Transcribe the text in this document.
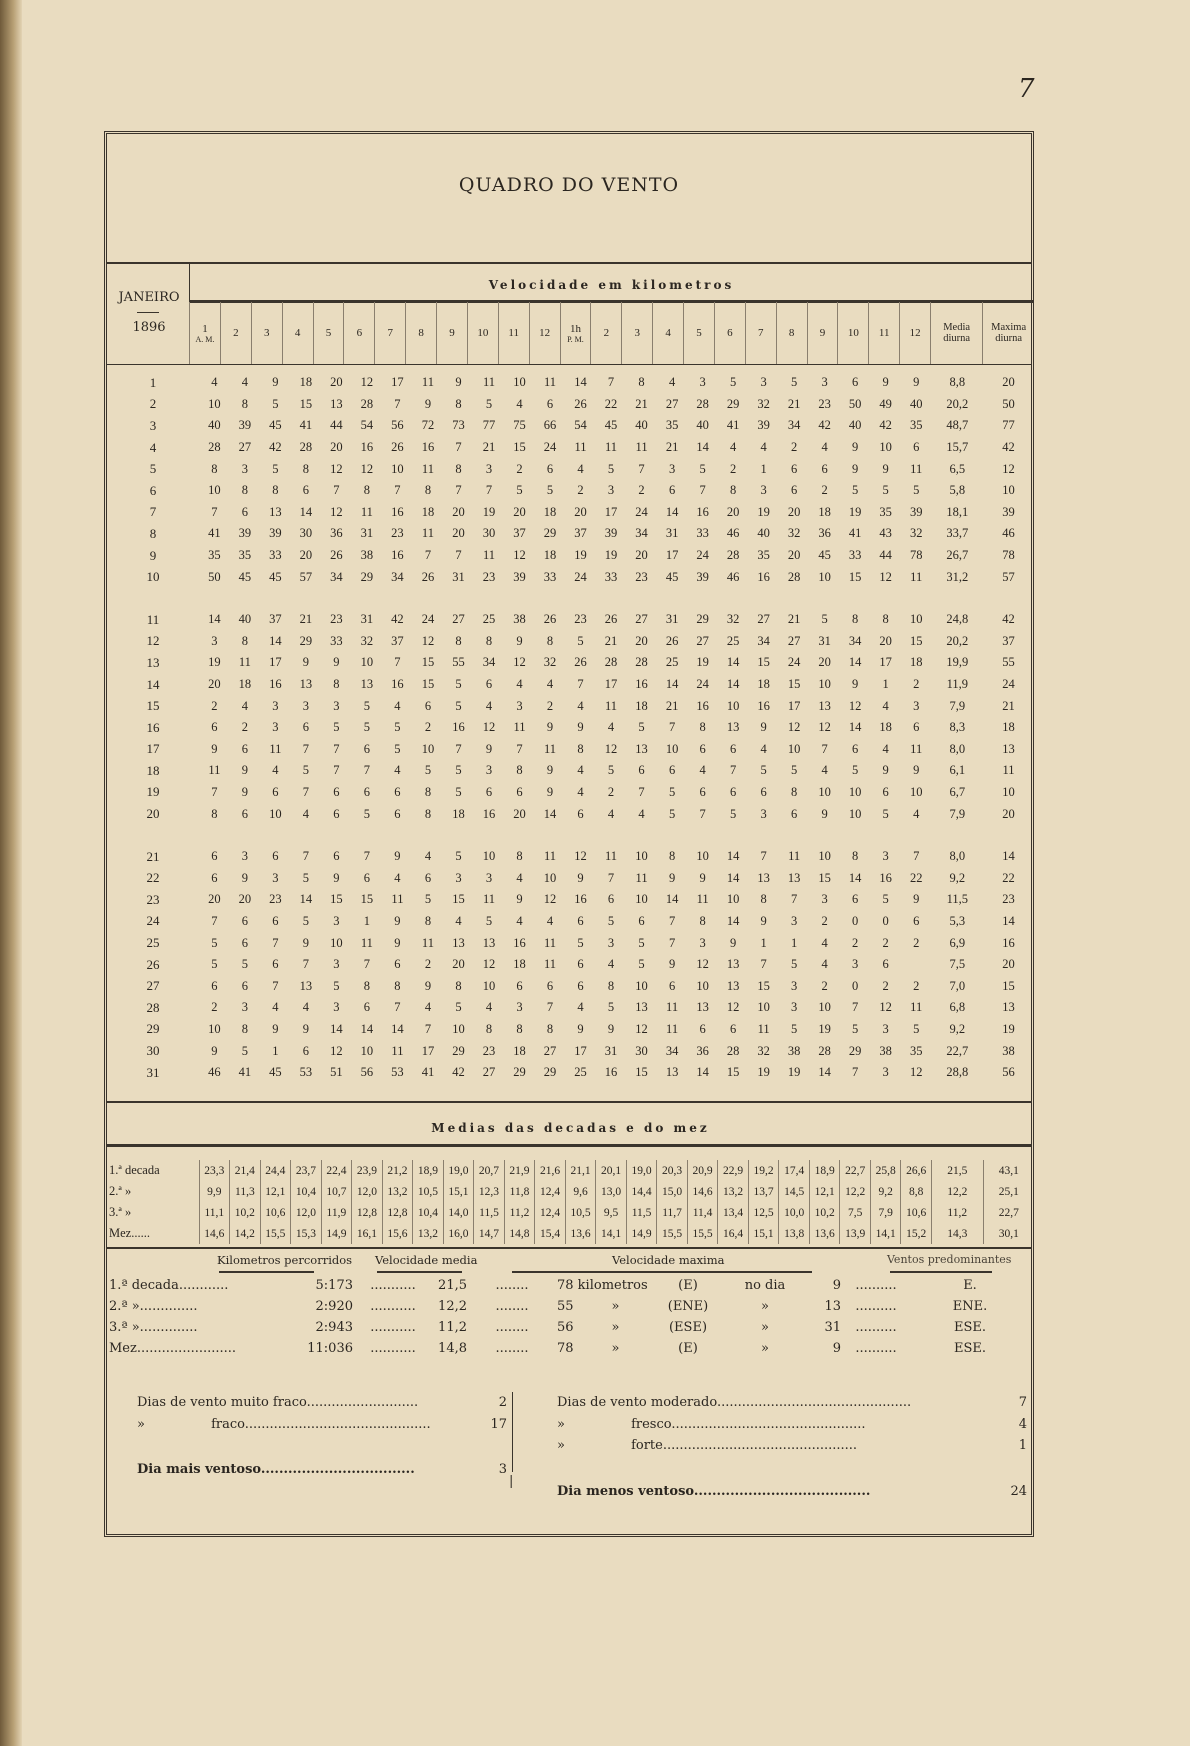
7
QUADRO DO VENTO
JANEIRO
1896
Velocidade em kilometros
1
A. M.	2	3	4	5	6	7	8	9	10	11	12	1h
P. M.	2	3	4	5	6	7	8	9	10	11	12	Media diurna	Maxima diurna
1	4	4	9	18	20	12	17	11	9	11	10	11	14	7	8	4	3	5	3	5	3	6	9	9	8,8	20
2	10	8	5	15	13	28	7	9	8	5	4	6	26	22	21	27	28	29	32	21	23	50	49	40	20,2	50
3	40	39	45	41	44	54	56	72	73	77	75	66	54	45	40	35	40	41	39	34	42	40	42	35	48,7	77
4	28	27	42	28	20	16	26	16	7	21	15	24	11	11	11	21	14	4	4	2	4	9	10	6	15,7	42
5	8	3	5	8	12	12	10	11	8	3	2	6	4	5	7	3	5	2	1	6	6	9	9	11	6,5	12
6	10	8	8	6	7	8	7	8	7	7	5	5	2	3	2	6	7	8	3	6	2	5	5	5	5,8	10
7	7	6	13	14	12	11	16	18	20	19	20	18	20	17	24	14	16	20	19	20	18	19	35	39	18,1	39
8	41	39	39	30	36	31	23	11	20	30	37	29	37	39	34	31	33	46	40	32	36	41	43	32	33,7	46
9	35	35	33	20	26	38	16	7	7	11	12	18	19	19	20	17	24	28	35	20	45	33	44	78	26,7	78
10	50	45	45	57	34	29	34	26	31	23	39	33	24	33	23	45	39	46	16	28	10	15	12	11	31,2	57

11	14	40	37	21	23	31	42	24	27	25	38	26	23	26	27	31	29	32	27	21	5	8	8	10	24,8	42
12	3	8	14	29	33	32	37	12	8	8	9	8	5	21	20	26	27	25	34	27	31	34	20	15	20,2	37
13	19	11	17	9	9	10	7	15	55	34	12	32	26	28	28	25	19	14	15	24	20	14	17	18	19,9	55
14	20	18	16	13	8	13	16	15	5	6	4	4	7	17	16	14	24	14	18	15	10	9	1	2	11,9	24
15	2	4	3	3	3	5	4	6	5	4	3	2	4	11	18	21	16	10	16	17	13	12	4	3	7,9	21
16	6	2	3	6	5	5	5	2	16	12	11	9	9	4	5	7	8	13	9	12	12	14	18	6	8,3	18
17	9	6	11	7	7	6	5	10	7	9	7	11	8	12	13	10	6	6	4	10	7	6	4	11	8,0	13
18	11	9	4	5	7	7	4	5	5	3	8	9	4	5	6	6	4	7	5	5	4	5	9	9	6,1	11
19	7	9	6	7	6	6	6	8	5	6	6	9	4	2	7	5	6	6	6	8	10	10	6	10	6,7	10
20	8	6	10	4	6	5	6	8	18	16	20	14	6	4	4	5	7	5	3	6	9	10	5	4	7,9	20

21	6	3	6	7	6	7	9	4	5	10	8	11	12	11	10	8	10	14	7	11	10	8	3	7	8,0	14
22	6	9	3	5	9	6	4	6	3	3	4	10	9	7	11	9	9	14	13	13	15	14	16	22	9,2	22
23	20	20	23	14	15	15	11	5	15	11	9	12	16	6	10	14	11	10	8	7	3	6	5	9	11,5	23
24	7	6	6	5	3	1	9	8	4	5	4	4	6	5	6	7	8	14	9	3	2	0	0	6	5,3	14
25	5	6	7	9	10	11	9	11	13	13	16	11	5	3	5	7	3	9	1	1	4	2	2	2	6,9	16
26	5	5	6	7	3	7	6	2	20	12	18	11	6	4	5	9	12	13	7	5	4	3	6		7,5	20
27	6	6	7	13	5	8	8	9	8	10	6	6	6	8	10	6	10	13	15	3	2	0	2	2	7,0	15
28	2	3	4	4	3	6	7	4	5	4	3	7	4	5	13	11	13	12	10	3	10	7	12	11	6,8	13
29	10	8	9	9	14	14	14	7	10	8	8	8	9	9	12	11	6	6	11	5	19	5	3	5	9,2	19
30	9	5	1	6	12	10	11	17	29	23	18	27	17	31	30	34	36	28	32	38	28	29	38	35	22,7	38
31	46	41	45	53	51	56	53	41	42	27	29	29	25	16	15	13	14	15	19	19	14	7	3	12	28,8	56
Medias das decadas e do mez
1.ª decada	23,3	21,4	24,4	23,7	22,4	23,9	21,2	18,9	19,0	20,7	21,9	21,6	21,1	20,1	19,0	20,3	20,9	22,9	19,2	17,4	18,9	22,7	25,8	26,6	21,5	43,1
2.ª »	9,9	11,3	12,1	10,4	10,7	12,0	13,2	10,5	15,1	12,3	11,8	12,4	9,6	13,0	14,4	15,0	14,6	13,2	13,7	14,5	12,1	12,2	9,2	8,8	12,2	25,1
3.ª »	11,1	10,2	10,6	12,0	11,9	12,8	12,8	10,4	14,0	11,5	11,2	12,4	10,5	9,5	11,5	11,7	11,4	13,4	12,5	10,0	10,2	7,5	7,9	10,6	11,2	22,7
Mez......	14,6	14,2	15,5	15,3	14,9	16,1	15,6	13,2	16,0	14,7	14,8	15,4	13,6	14,1	14,9	15,5	15,5	16,4	15,1	13,8	13,6	13,9	14,1	15,2	14,3	30,1
Kilometros percorridos Velocidade media	Velocidade maxima	Ventos predominantes
1.ª decada............	5:173	...........	21,5	........	78 kilometros	(E)	no dia	9	..........	E.
2.ª »..............	2:920	...........	12,2	........	55 »	(ENE)	»	13	..........	ENE.
3.ª »..............	2:943	...........	11,2	........	56 »	(ESE)	»	31	..........	ESE.
Mez........................	11:036	...........	14,8	........	78 »	(E)	»	9	..........	ESE.
Dias de vento muito fraco...........................	2
»                fraco.............................................	17
Dia mais ventoso..................................	3
|
Dias de vento moderado...............................................	7
»                fresco...............................................	4
»                forte...............................................	1
Dia menos ventoso.......................................	24
